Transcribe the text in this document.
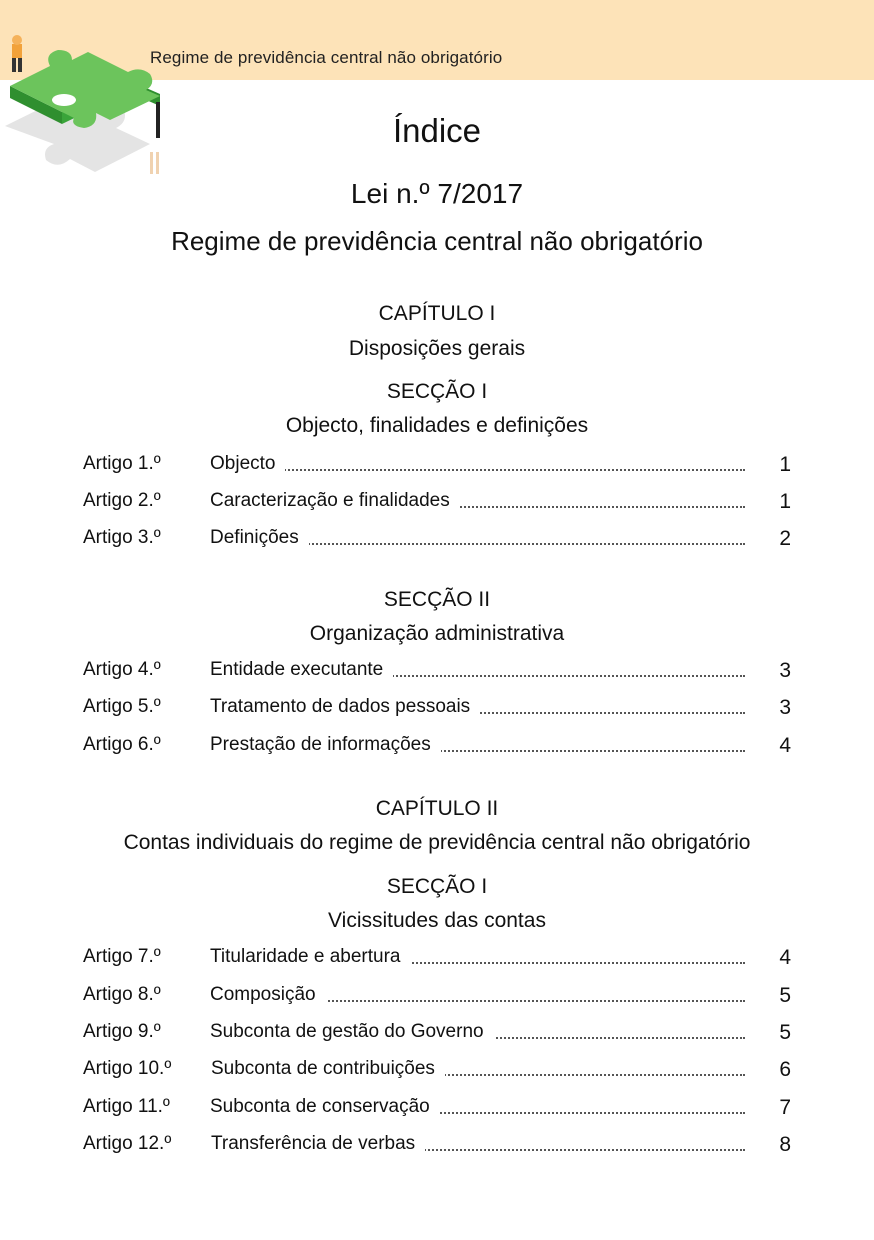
Regime de previdência central não obrigatório
Índice
Lei n.º 7/2017
Regime de previdência central não obrigatório
CAPÍTULO I
Disposições gerais
SECÇÃO I
Objecto, finalidades e definições
Artigo 1.º	Objecto	1
Artigo 2.º	Caracterização e finalidades	1
Artigo 3.º	Definições	2
SECÇÃO II
Organização administrativa
Artigo 4.º	Entidade executante	3
Artigo 5.º	Tratamento de dados pessoais	3
Artigo 6.º	Prestação de informações	4
CAPÍTULO II
Contas individuais do regime de previdência central não obrigatório
SECÇÃO I
Vicissitudes das contas
Artigo 7.º	Titularidade e abertura	4
Artigo 8.º	Composição	5
Artigo 9.º	Subconta de gestão do Governo	5
Artigo 10.º Subconta de contribuições	6
Artigo 11.º Subconta de conservação	7
Artigo 12.º Transferência de verbas	8
